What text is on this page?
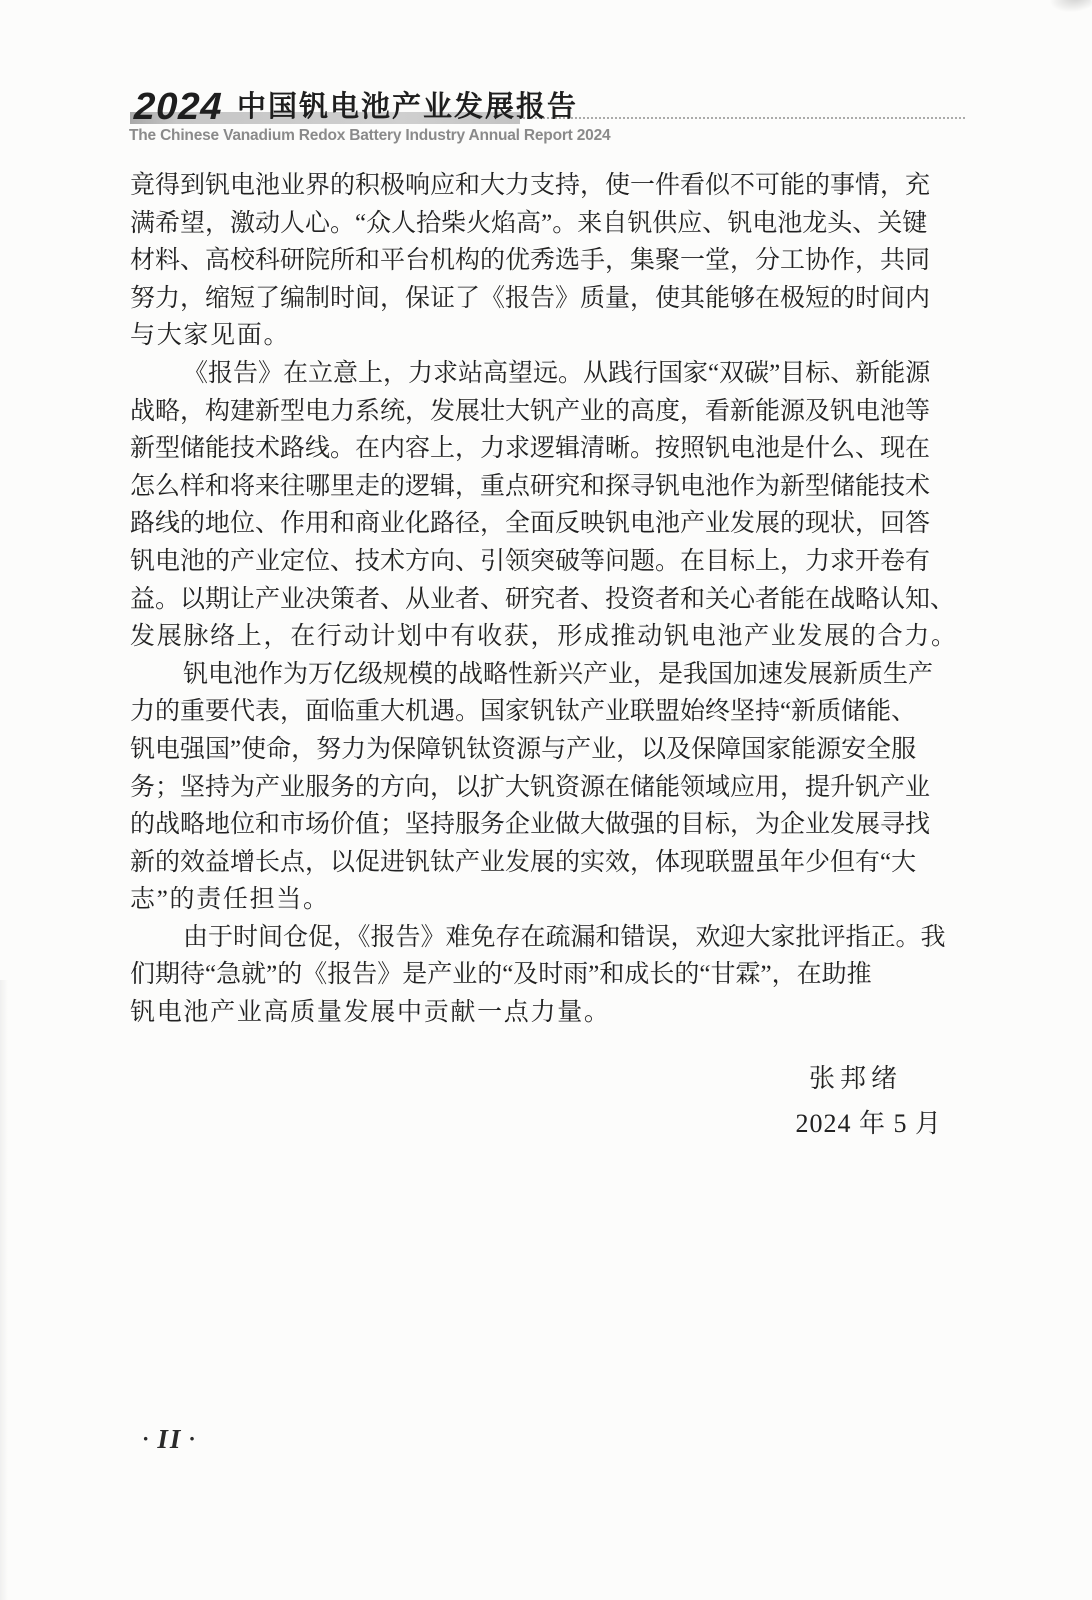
2024 中国钒电池产业发展报告
The Chinese Vanadium Redox Battery Industry Annual Report 2024
竟得到钒电池业界的积极响应和大力支持，使一件看似不可能的事情，充
满希望，激动人心。“众人拾柴火焰高”。来自钒供应、钒电池龙头、关键
材料、高校科研院所和平台机构的优秀选手，集聚一堂，分工协作，共同
努力，缩短了编制时间，保证了《报告》质量，使其能够在极短的时间内
与大家见面。
《报告》在立意上，力求站高望远。从践行国家“双碳”目标、新能源
战略，构建新型电力系统，发展壮大钒产业的高度，看新能源及钒电池等
新型储能技术路线。在内容上，力求逻辑清晰。按照钒电池是什么、现在
怎么样和将来往哪里走的逻辑，重点研究和探寻钒电池作为新型储能技术
路线的地位、作用和商业化路径，全面反映钒电池产业发展的现状，回答
钒电池的产业定位、技术方向、引领突破等问题。在目标上，力求开卷有
益。以期让产业决策者、从业者、研究者、投资者和关心者能在战略认知、
发展脉络上，在行动计划中有收获，形成推动钒电池产业发展的合力。
钒电池作为万亿级规模的战略性新兴产业，是我国加速发展新质生产
力的重要代表，面临重大机遇。国家钒钛产业联盟始终坚持“新质储能、
钒电强国”使命，努力为保障钒钛资源与产业，以及保障国家能源安全服
务；坚持为产业服务的方向，以扩大钒资源在储能领域应用，提升钒产业
的战略地位和市场价值；坚持服务企业做大做强的目标，为企业发展寻找
新的效益增长点，以促进钒钛产业发展的实效，体现联盟虽年少但有“大
志”的责任担当。
由于时间仓促，《报告》难免存在疏漏和错误，欢迎大家批评指正。我
们期待“急就”的《报告》是产业的“及时雨”和成长的“甘霖”，在助推
钒电池产业高质量发展中贡献一点力量。
张邦绪
2024 年 5 月
· II ·
